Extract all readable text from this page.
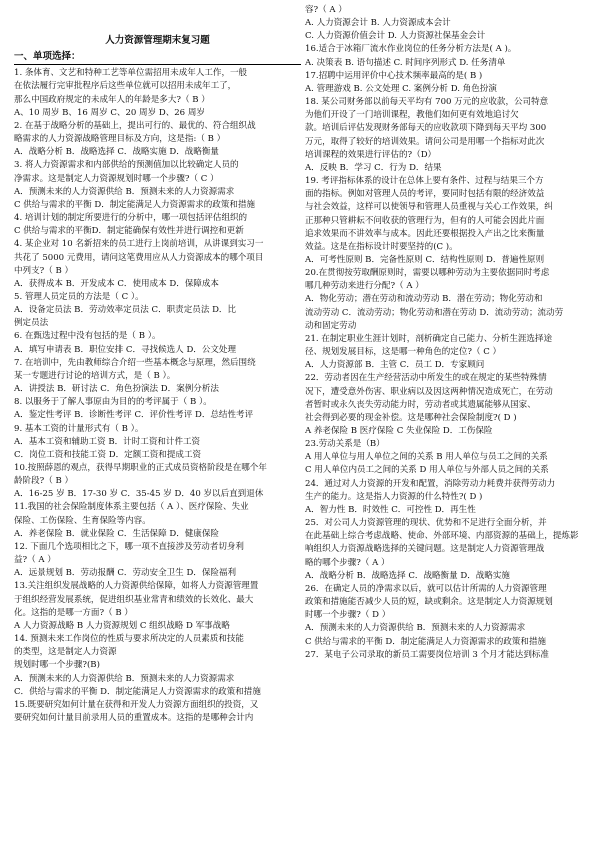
人力资源管理期末复习题
一、单项选择：

1. 条体育、文艺和特种工艺等单位需招用未成年人工作，一般

在依法履行完审批程序后这些单位就可以招用未成年工了，

那么中国政府规定的未成年人的年龄是多大?（ B ）

A、10 周岁 B、16 周岁 C、20 周岁 D、26 周岁

2. 在基于战略分析的基础上，提出可行的、最优的、符合组织战

略需求的人力资源战略管理目标及方向，这是指:（ B ）

A．战略分析 B．战略选择 C．战略实施 D．战略衡量

3. 将人力资源需求和内部供给的预测值加以比较确定人员的

净需求。这是制定人力资源规划时哪一个步骤?（ C ）

A．预测未来的人力资源供给 B．预测未来的人力资源需求

C 供给与需求的平衡 D．制定能满足人力资源需求的政策和措施

4. 培训计划的制定所要进行的分析中，哪一项包括评估组织的

C 供给与需求的平衡D．制定能确保有效性并进行调控和更新

4. 某企业对 10 名新招来的员工进行上岗前培训，从讲课到实习一

共花了 5000 元费用，请问这笔费用应从人力资源成本的哪个项目

中列支?（ B ）

A．获得成本 B．开发成本 C．使用成本 D．保障成本

5. 管理人员定员的方法是（ C ）。

A．设备定员法 B．劳动效率定员法 C．职责定员法 D．比

例定员法

6. 在甄选过程中没有包括的是（ B ）。

A．填写申请表 B．职位安排 C．寻找候选人 D．公文处理

7. 在培训中，先由教师综合介绍一些基本概念与原理，然后围绕

某一专题进行讨论的培训方式，是（ B ）。

A．讲授法 B．研讨法 C．角色扮演法 D．案例分析法

8. 以服务于了解人事原由为目的的考评属于（ B ）。

A．鉴定性考评 B．诊断性考评 C．评价性考评 D．总结性考评

9. 基本工资的计量形式有（ B ）。

A．基本工资和辅助工资 B．计时工资和计件工资

C．岗位工资和技能工资 D．定额工资和提成工资

10.按照薛恩的观点，获得早期职业的正式成员资格阶段是在哪个年

龄阶段?（ B ）

A．16-25 岁 B．17-30 岁 C．35-45 岁 D．40 岁以后直到退休

11.我国的社会保险制度体系主要包括（ A ）、医疗保险、失业

保险、工伤保险、生育保险等内容。

A．养老保险 B．就业保险 C．生活保障 D．健康保险

12. 下面几个选项相比之下，哪一项不直接涉及劳动者切身利

益?（ A ）

A．远景规划 B．劳动报酬 C．劳动安全卫生 D．保险福利

13.关注组织发展战略的人力资源供给保障，如将人力资源管理置

于组织经营发展系统，促进组织基业常青和绩效的长效化、最大

化。这指的是哪一方面?（ B ）

A 人力资源战略 B 人力资源规划 C 组织战略 D 军事战略

14. 预测未来工作岗位的性质与要求所决定的人员素质和技能

的类型，这是制定人力资源

规划时哪一个步骤?(B)

A．预测未来的人力资源供给 B．预测未来的人力资源需求

C．供给与需求的平衡 D．制定能满足人力资源需求的政策和措施

15.既要研究如何计量在获得和开发人力资源方面组织的投资，又

要研究如何计量目前录用人员的重置成本。这指的是哪种会计内

容?（ A ）

A. 人力资源会计 B. 人力资源成本会计

C. 人力资源价值会计 D. 人力资源社保基金会计

16.适合于冰箱厂流水作业岗位的任务分析方法是( A )。

A. 决策表 B. 语句描述 C. 时间序列形式 D. 任务清单

17.招聘中运用评价中心技术频率最高的是( B )

A. 管理游戏 B. 公文处理 C. 案例分析 D. 角色扮演

18. 某公司财务部以前每天平均有 700 万元的应收款，公司特意

为他们开设了一门培训课程，教他们如何更有效地追讨欠

款。培训后评估发现财务部每天的应收款项下降到每天平均 300

万元，取得了较好的培训效果。请问公司是用哪一个指标对此次

培训课程的效果进行评估的?（D）

A．反映 B．学习 C．行为 D．结果

19. 考评指标体系的设计在总体上要有条件、过程与结果三个方

面的指标。例如对管理人员的考评，要同时包括有限的经济效益

与社会效益，这样可以使领导和管理人员重视与关心工作效果，纠

正那种只管耕耘不问收获的管理行为，但有的人可能会因此片面

追求效果而不讲效率与成本。因此还要根据投入产出之比来衡量

效益。这是在指标设计时要坚持的(C )。

A．可考性原则 B．完备性原则 C．结构性原则 D．普遍性原则

20.在贯彻按劳取酬原则时，需要以哪种劳动为主要依据同时考虑

哪几种劳动来进行分配?（ A ）

A．物化劳动；潜在劳动和流动劳动 B．潜在劳动；物化劳动和

流动劳动 C．流动劳动；物化劳动和潜在劳动 D．流动劳动；流动劳

动和固定劳动

21. 在制定职业生涯计划时，剖析确定自己能力、分析生涯选择途

径、规划发展目标，这是哪一种角色的定位?（ C ）

A．人力资源部 B．主管 C．员工 D．专家顾问

22．劳动者因在生产经营活动中所发生的或在规定的某些特殊情

况下，遭受意外伤害、职业病以及因这两种情况造成死亡，在劳动

者暂时或永久丧失劳动能力时，劳动者或其遗属能够从国家、

社会得到必要的现金补偿。这是哪种社会保险制度?( D )

A 养老保险 B 医疗保险 C 失业保险 D．工伤保险

23.劳动关系是（B）

A 用人单位与用人单位之间的关系 B 用人单位与员工之间的关系

C 用人单位内员工之间的关系 D 用人单位与外部人员之间的关系

24．通过对人力资源的开发和配置，消除劳动力耗费并获得劳动力

生产的能力。这是指人力资源的什么特性?( D )

A．智力性 B．时效性 C．可控性 D．再生性

25．对公司人力资源管理的现状、优势和不足进行全面分析，并

在此基础上综合考虑战略、使命、外部环境、内部资源的基础上，提炼影

响组织人力资源战略选择的关键问题。这是制定人力资源管理战

略的哪个步骤?（ A ）

A．战略分析 B．战略选择 C．战略衡量 D．战略实施

26．在确定人员的净需求以后，就可以估计所需的人力资源管理

政策和措施能否减少人员的短，缺或剩余。这是制定人力资源规划

时哪一个步骤?（ D ）

A．预测未来的人力资源供给 B．预测未来的人力资源需求

C 供给与需求的平衡 D．制定能满足人力资源需求的政策和措施

27．某电子公司录取的新员工需要岗位培训 3 个月才能达到标准
